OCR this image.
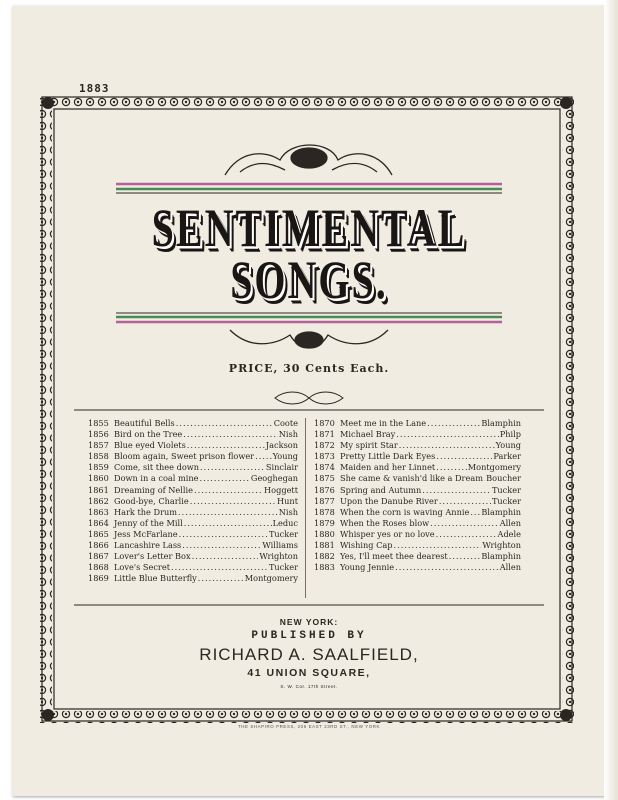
1883
SENTIMENTAL
SONGS.
PRICE, 30 Cents Each.
1855 Beautiful Bells .....	Coote
1856 Bird on the Tree .....	Nish
1857 Blue eyed Violets .....	Jackson
1858 Bloom again, Sweet prison flower ..... Young
1859 Come, sit thee down .....	Sinclair
1860 Down in a coal mine .....	Geoghegan
1861 Dreaming of Nellie .....	Hoggett
1862 Good-bye, Charlie .....	Hunt
1863 Hark the Drum .....	Nish
1864 Jenny of the Mill .....	Leduc
1865 Jess McFarlane .....	Tucker
1866 Lancashire Lass .....	Williams
1867 Lover's Letter Box .....	Wrighton
1868 Love's Secret .....	Tucker
1869 Little Blue Butterfly .....	Montgomery
1870 Meet me in the Lane .....	Blamphin
1871 Michael Bray .....	Philp
1872 My spirit Star .....	Young
1873 Pretty Little Dark Eyes .....	Parker
1874 Maiden and her Linnet .....	Montgomery
1875 She came & vanish'd like a Dream ..... Boucher
1876 Spring and Autumn .....	Tucker
1877 Upon the Danube River .....	Tucker
1878 When the corn is waving Annie ..... Blamphin
1879 When the Roses blow .....	Allen
1880 Whisper yes or no love .....	Adele
1881 Wishing Cap .....	Wrighton
1882 Yes, I'll meet thee dearest .....	Blamphin
1883 Young Jennie .....	Allen
NEW YORK:
PUBLISHED BY
RICHARD A. SAALFIELD,
41 UNION SQUARE,
S. W. Cor. 17th Street.
THE SHAPIRO PRESS, 206 EAST 23RD ST., NEW YORK
